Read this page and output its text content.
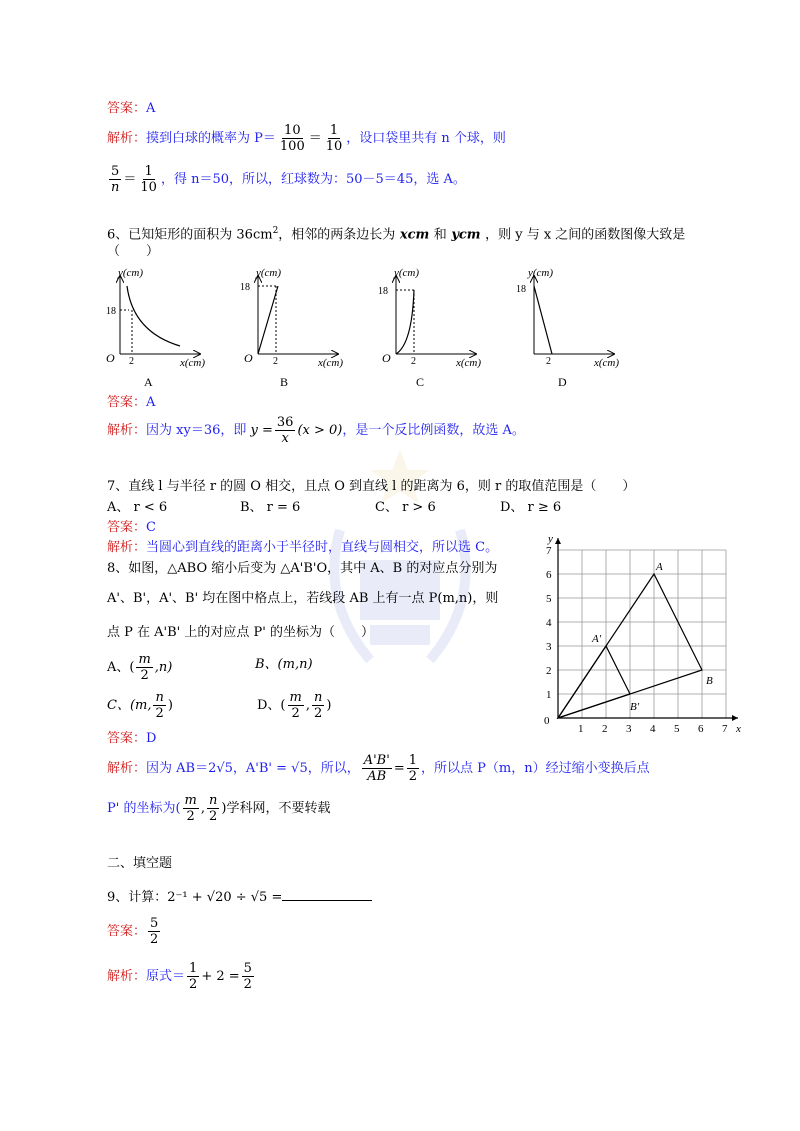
答案：A
解析：摸到白球的概率为 $P= \frac{10}{100} = \frac{1}{10}$ ，设口袋里共有 n 个球，则
$\frac{5}{n} = \frac{1}{10}$ ，得 n＝50，所以，红球数为：50－5＝45，选 A。
6、已知矩形的面积为 $36cm^2$，相邻的两条边长为 xcm 和 ycm ，则 y 与 x 之间的函数图像大致是
（　　）
18
O 2
y(cm)
x(cm)
A
18
O 2
y(cm)
x(cm)
B
18
O 2
y(cm)
x(cm)
C
18
2
y(cm)
x(cm)
D
答案：A
解析：因为 xy＝36，即 $y = \frac{36}{x} (x > 0)$，是一个反比例函数，故选 A。
7、直线 l 与半径 r 的圆 O 相交，且点 O 到直线 l 的距离为 6，则 r 的取值范围是（　　）
A、 r < 6	B、 r = 6	C、 r > 6	D、 r ≥ 6
答案：C
解析：当圆心到直线的距离小于半径时，直线与圆相交，所以选 C。
8、如图，△ABO 缩小后变为 △A'B'O，其中 A、B 的对应点分别为
A'、B'，A'、B' 均在图中格点上，若线段 AB 上有一点 P(m,n)，则
点 P 在 A'B' 上的对应点 P' 的坐标为（　　）
A、( $\frac{m}{2} ,n$)	B、(m,n)
C、(m, $\frac{n}{2}$ )	D、( $\frac{m}{2}$ , $\frac{n}{2}$ )
答案：D
解析：因为 AB＝2√5，A'B' = √5，所以， $\frac{A'B'}{AB} = \frac{1}{2}$ ，所以点 P（m，n）经过缩小变换后点
P' 的坐标为( $\frac{m}{2}$ , $\frac{n}{2}$ )学科网，不要转载
1 2 3 4 5 6 7
1
2
3
4
5
6
7
0
x
y
A
B
A'
B'
二、填空题
9、计算：2⁻¹ + √20 ÷ √5 =
答案： $\frac{5}{2}$
解析：原式＝ $\frac{1}{2} + 2 = \frac{5}{2}$
